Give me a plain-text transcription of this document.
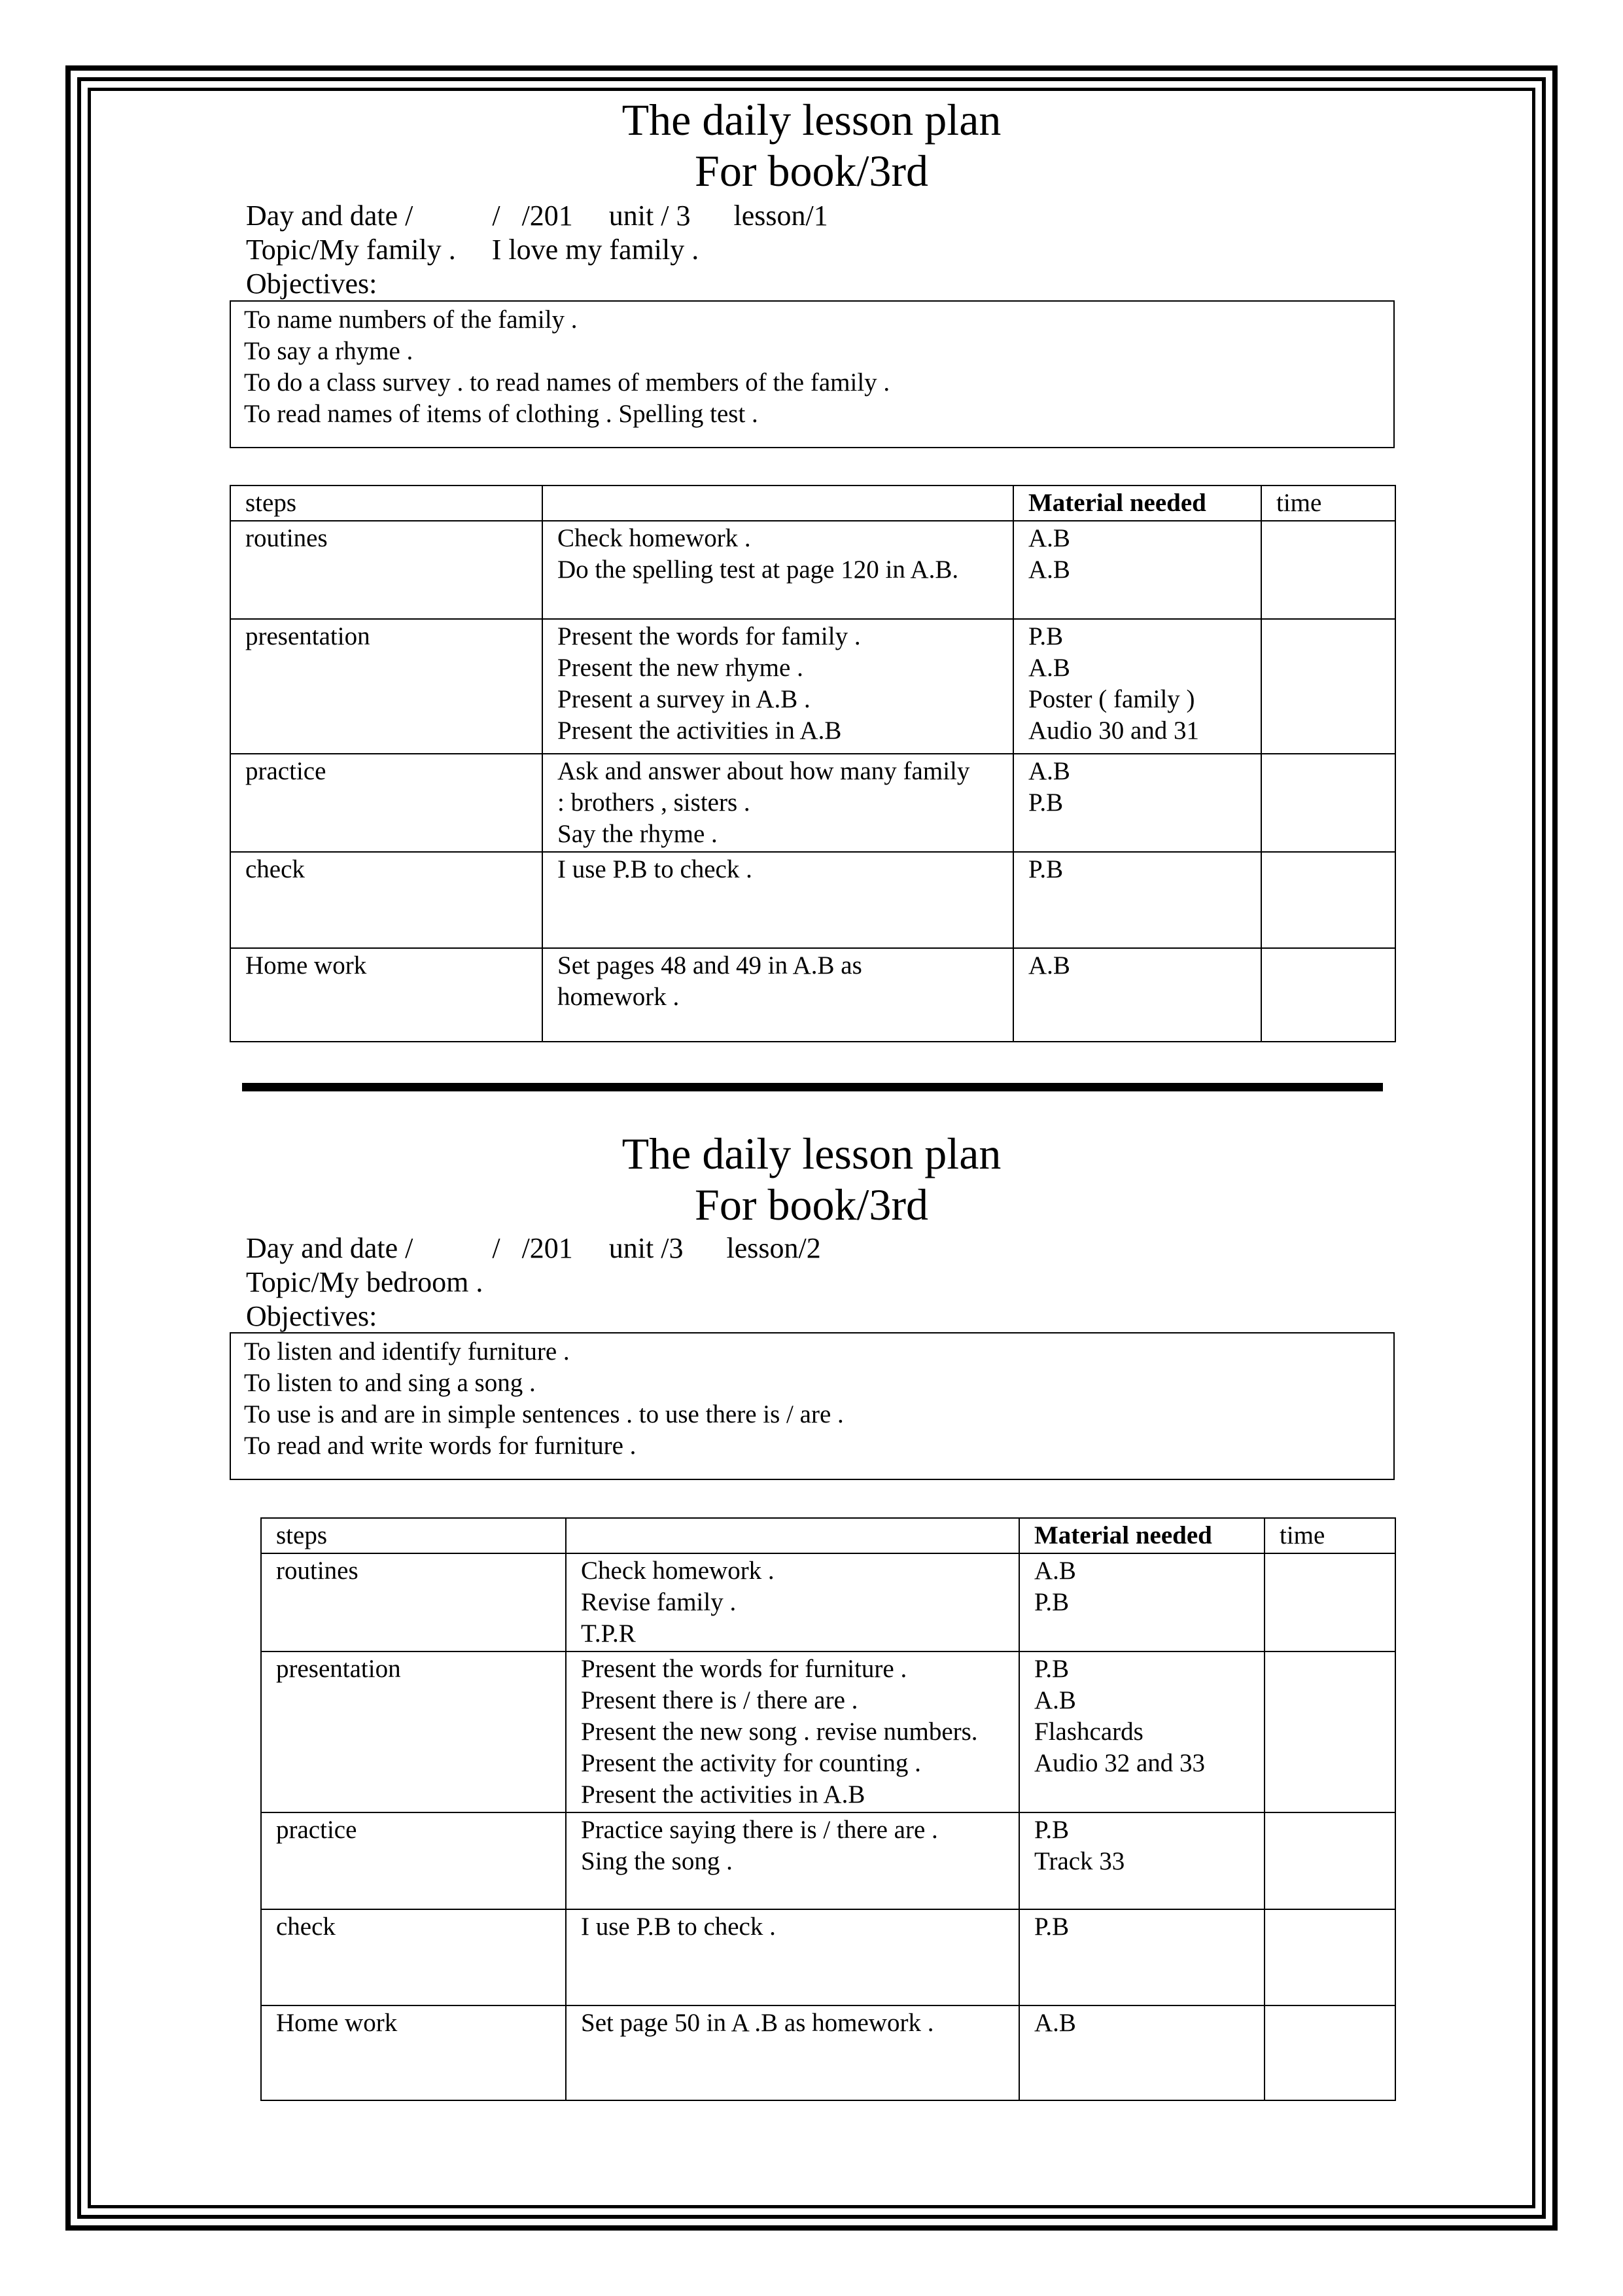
The daily lesson plan
For book/3rd
Day and date /           /   /201     unit / 3      lesson/1
Topic/My family .     I love my family .
Objectives:
To name numbers of the family .
To say a rhyme .
To do a class survey . to read names of members of the family .
To read names of items of clothing . Spelling test .
steps		Material needed	time
routines	Check homework .
Do the spelling test at page 120 in A.B.	A.B
A.B	

presentation	Present the words for family .
Present the new rhyme .
Present a survey in A.B .
Present the activities in A.B	P.B
A.B
Poster ( family )
Audio 30 and 31	

practice	Ask and answer about how many family
: brothers , sisters .
Say the rhyme .	A.B
P.B	

check	I use P.B to check .	P.B	

Home work	Set pages 48 and 49 in A.B as
homework .	A.B	

The daily lesson plan
For book/3rd
Day and date /           /   /201     unit /3      lesson/2
Topic/My bedroom .
Objectives:
To listen and identify furniture .
To listen to and sing a song .
To use is and are in simple sentences . to use there is / are .
To read and write words for furniture .
steps		Material needed	time
routines	Check homework .
Revise family .
T.P.R	A.B
P.B	

presentation	Present the words for furniture .
Present there is / there are .
Present the new song . revise numbers.
Present the activity for counting .
Present the activities in A.B	P.B
A.B
Flashcards
Audio 32 and 33	

practice	Practice saying there is / there are .
Sing the song .	P.B
Track 33	

check	I use P.B to check .	P.B	

Home work	Set page 50 in A .B as homework .	A.B	
